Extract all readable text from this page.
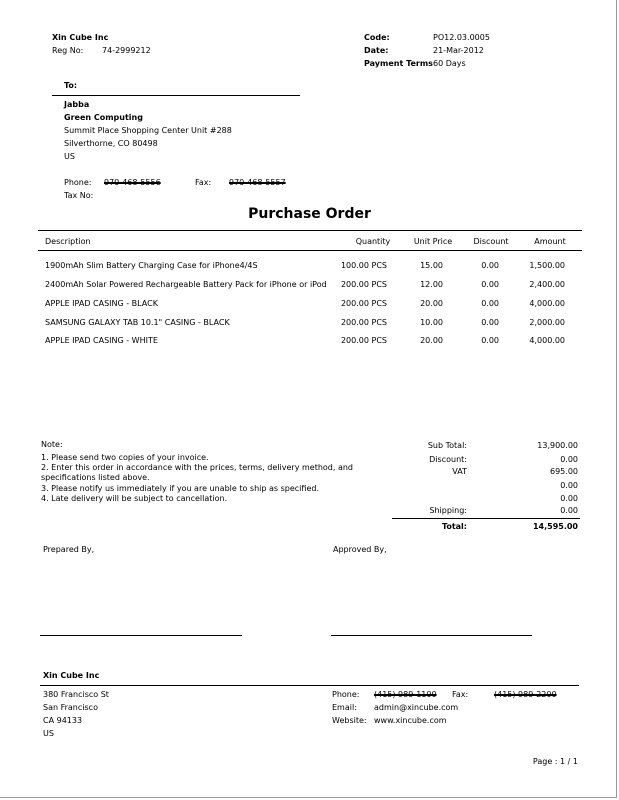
Xin Cube Inc
Reg No: 74-2999212
Code:	PO12.03.0005
Date:	21-Mar-2012
Payment Terms 60 Days
To:
Jabba
Green Computing
Summit Place Shopping Center Unit #288
Silverthorne, CO 80498
US
Phone: 970-468-5556	Fax: 970-468-5557
Tax No:
Purchase Order
Description	Quantity	Unit Price	Discount	Amount
1900mAh Slim Battery Charging Case for iPhone4/4S	100.00 PCS	15.00	0.00	1,500.00
2400mAh Solar Powered Rechargeable Battery Pack for iPhone or iPod	200.00 PCS	12.00	0.00	2,400.00
APPLE IPAD CASING - BLACK	200.00 PCS	20.00	0.00	4,000.00
SAMSUNG GALAXY TAB 10.1" CASING - BLACK	200.00 PCS	10.00	0.00	2,000.00
APPLE IPAD CASING - WHITE	200.00 PCS	20.00	0.00	4,000.00
Note:
1. Please send two copies of your invoice.
2. Enter this order in accordance with the prices, terms, delivery method, and
specifications listed above.
3. Please notify us immediately if you are unable to ship as specified.
4. Late delivery will be subject to cancellation.
Sub Total:	13,900.00
Discount:	0.00
VAT	695.00
0.00
0.00
Shipping:	0.00
Total:	14,595.00
Prepared By,	Approved By,
Xin Cube Inc
380 Francisco St
San Francisco
CA 94133
US
Phone: (415) 989-1100 Fax:	(415) 989-2200
Email: admin@xincube.com
Website: www.xincube.com
Page : 1 / 1
